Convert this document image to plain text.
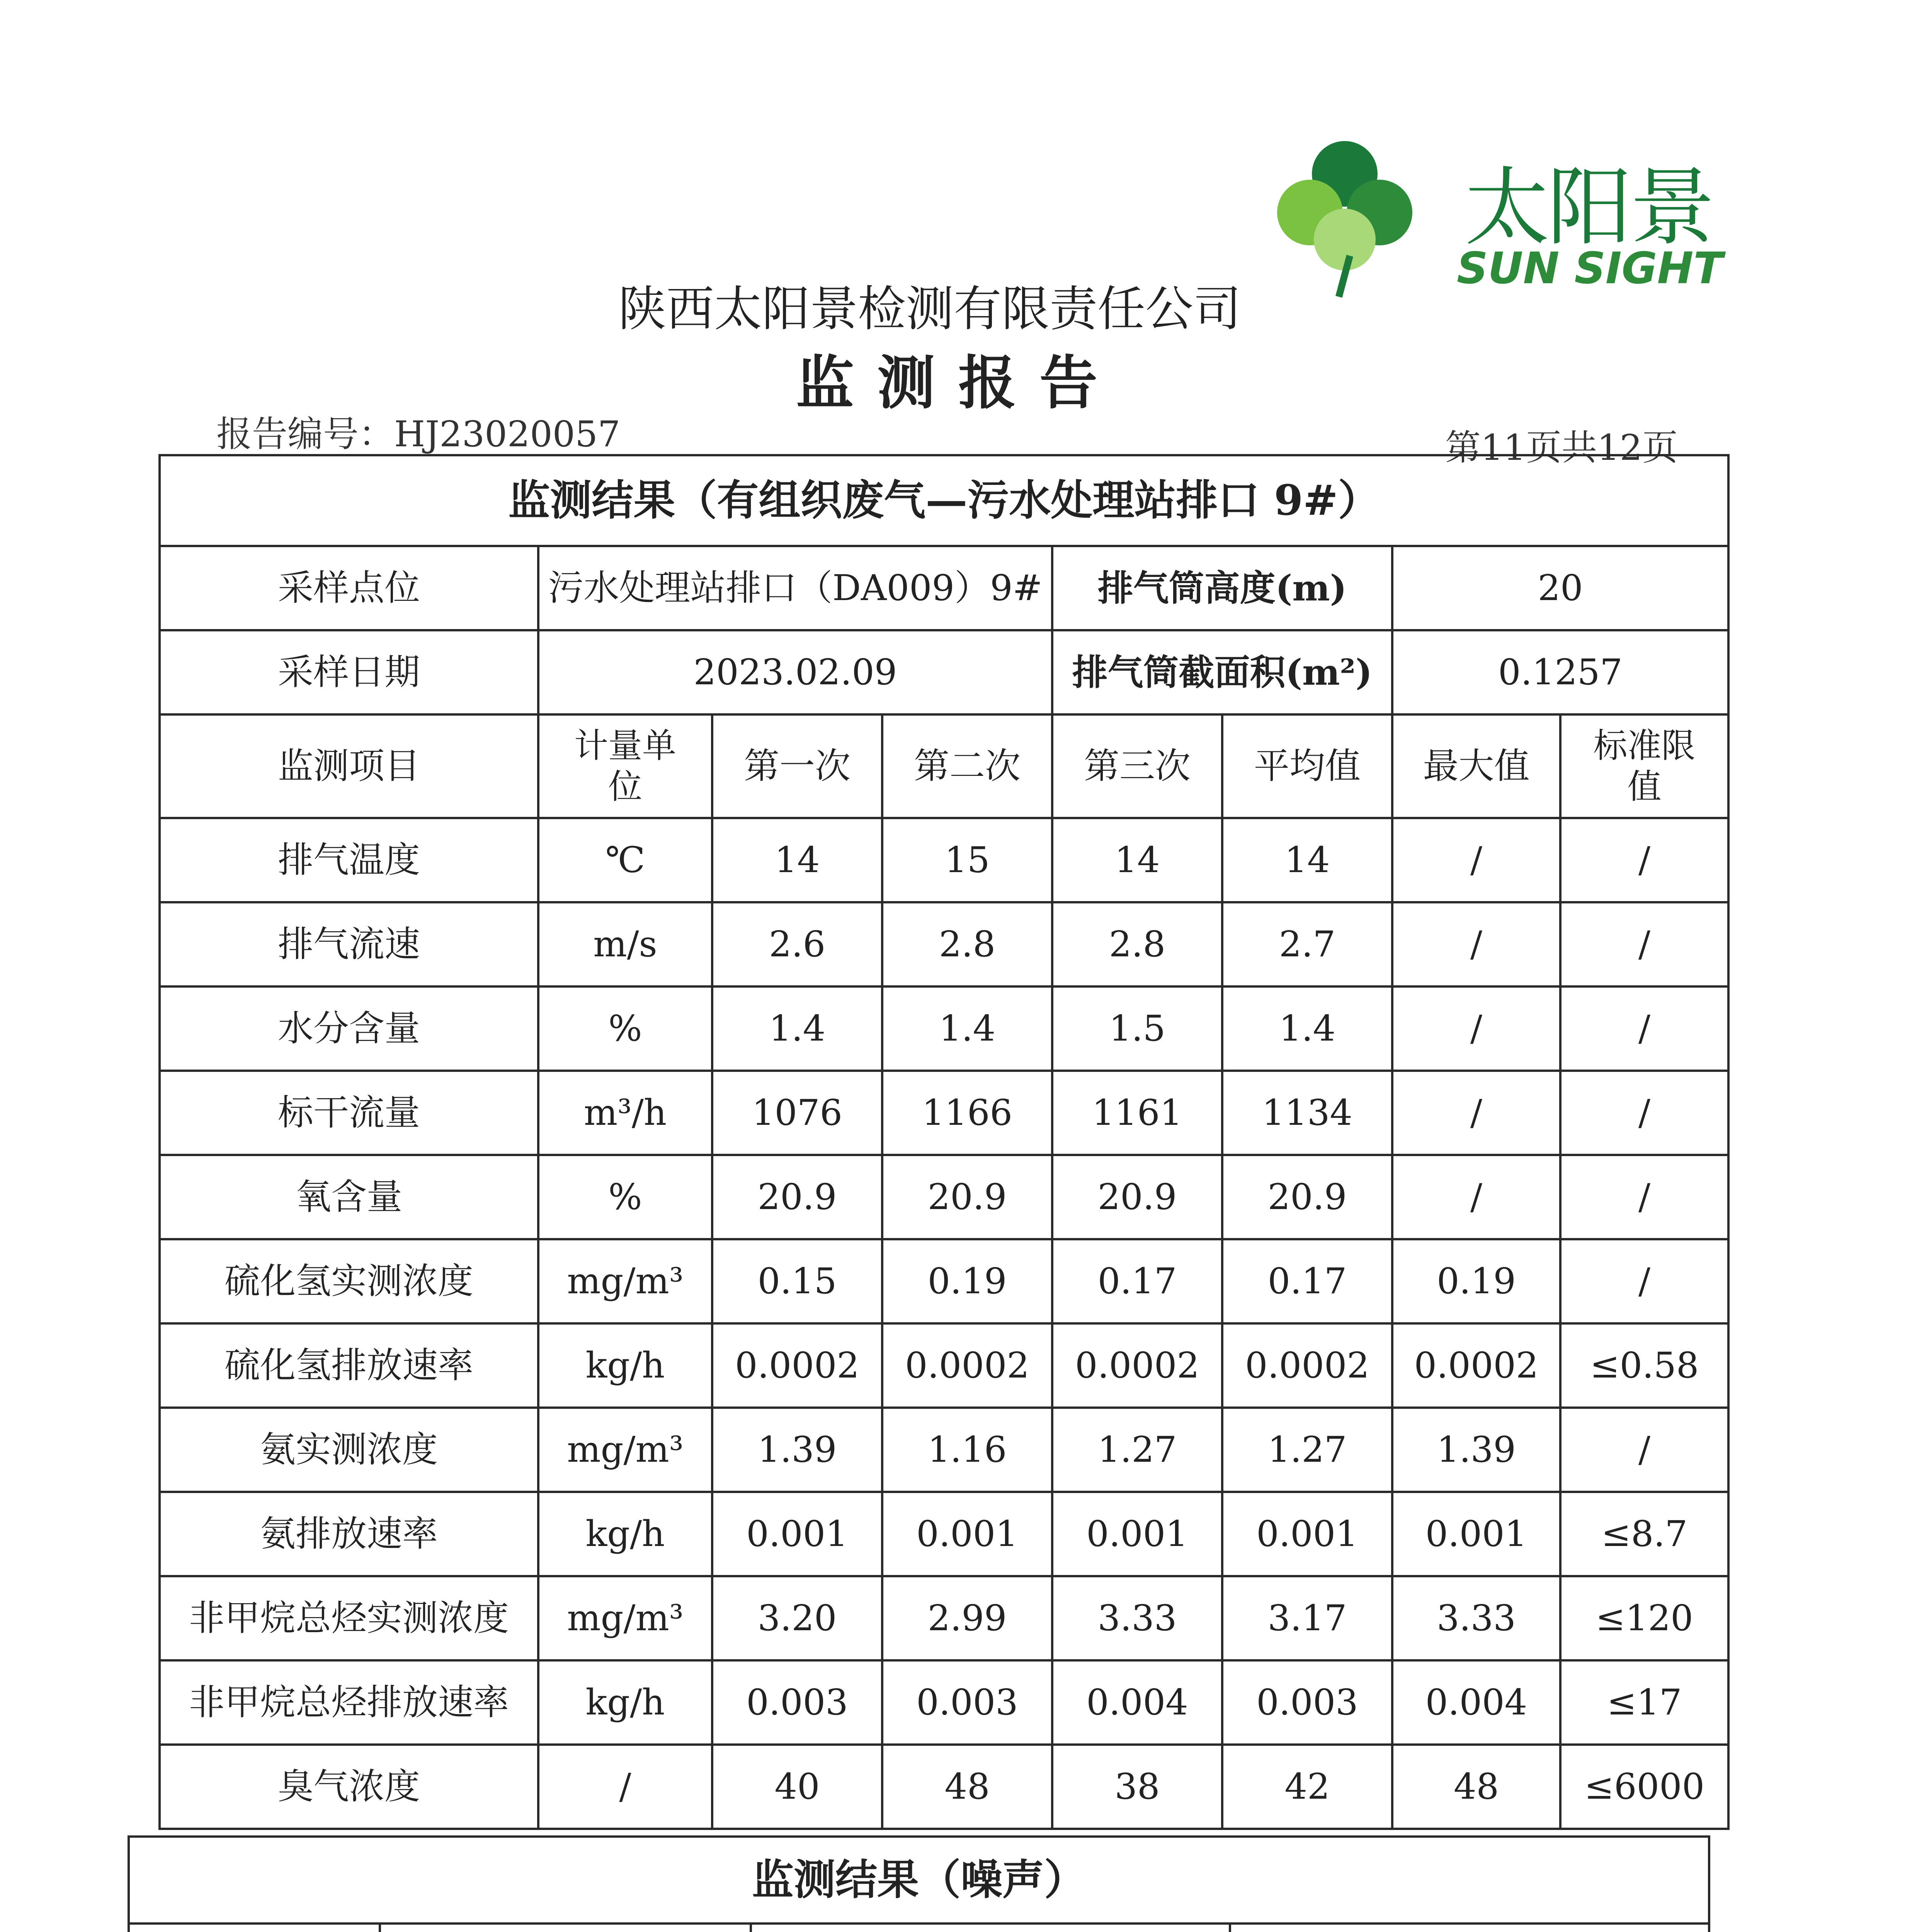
太阳景
SUN SIGHT
陕西太阳景检测有限责任公司
监测报告
报告编号：HJ23020057	第11页共12页
监测结果（有组织废气—污水处理站排口 9#）							
采样点位	污水处理站排口（DA009）9#			排气筒高度(m)		20	
采样日期	2023.02.09			排气筒截面积(m²)		0.1257	
监测项目	计量单位	第一次	第二次	第三次	平均值	最大值	标准限值
排气温度	℃	14	15	14	14	/	/
排气流速	m/s	2.6	2.8	2.8	2.7	/	/
水分含量	%	1.4	1.4	1.5	1.4	/	/
标干流量	m³/h	1076	1166	1161	1134	/	/
氧含量	%	20.9	20.9	20.9	20.9	/	/
硫化氢实测浓度	mg/m³	0.15	0.19	0.17	0.17	0.19	/
硫化氢排放速率	kg/h	0.0002	0.0002	0.0002	0.0002	0.0002	≤0.58
氨实测浓度	mg/m³	1.39	1.16	1.27	1.27	1.39	/
氨排放速率	kg/h	0.001	0.001	0.001	0.001	0.001	≤8.7
非甲烷总烃实测浓度	mg/m³	3.20	2.99	3.33	3.17	3.33	≤120
非甲烷总烃排放速率	kg/h	0.003	0.003	0.004	0.003	0.004	≤17
臭气浓度	/	40	48	38	42	48	≤6000
监测结果（噪声）					
